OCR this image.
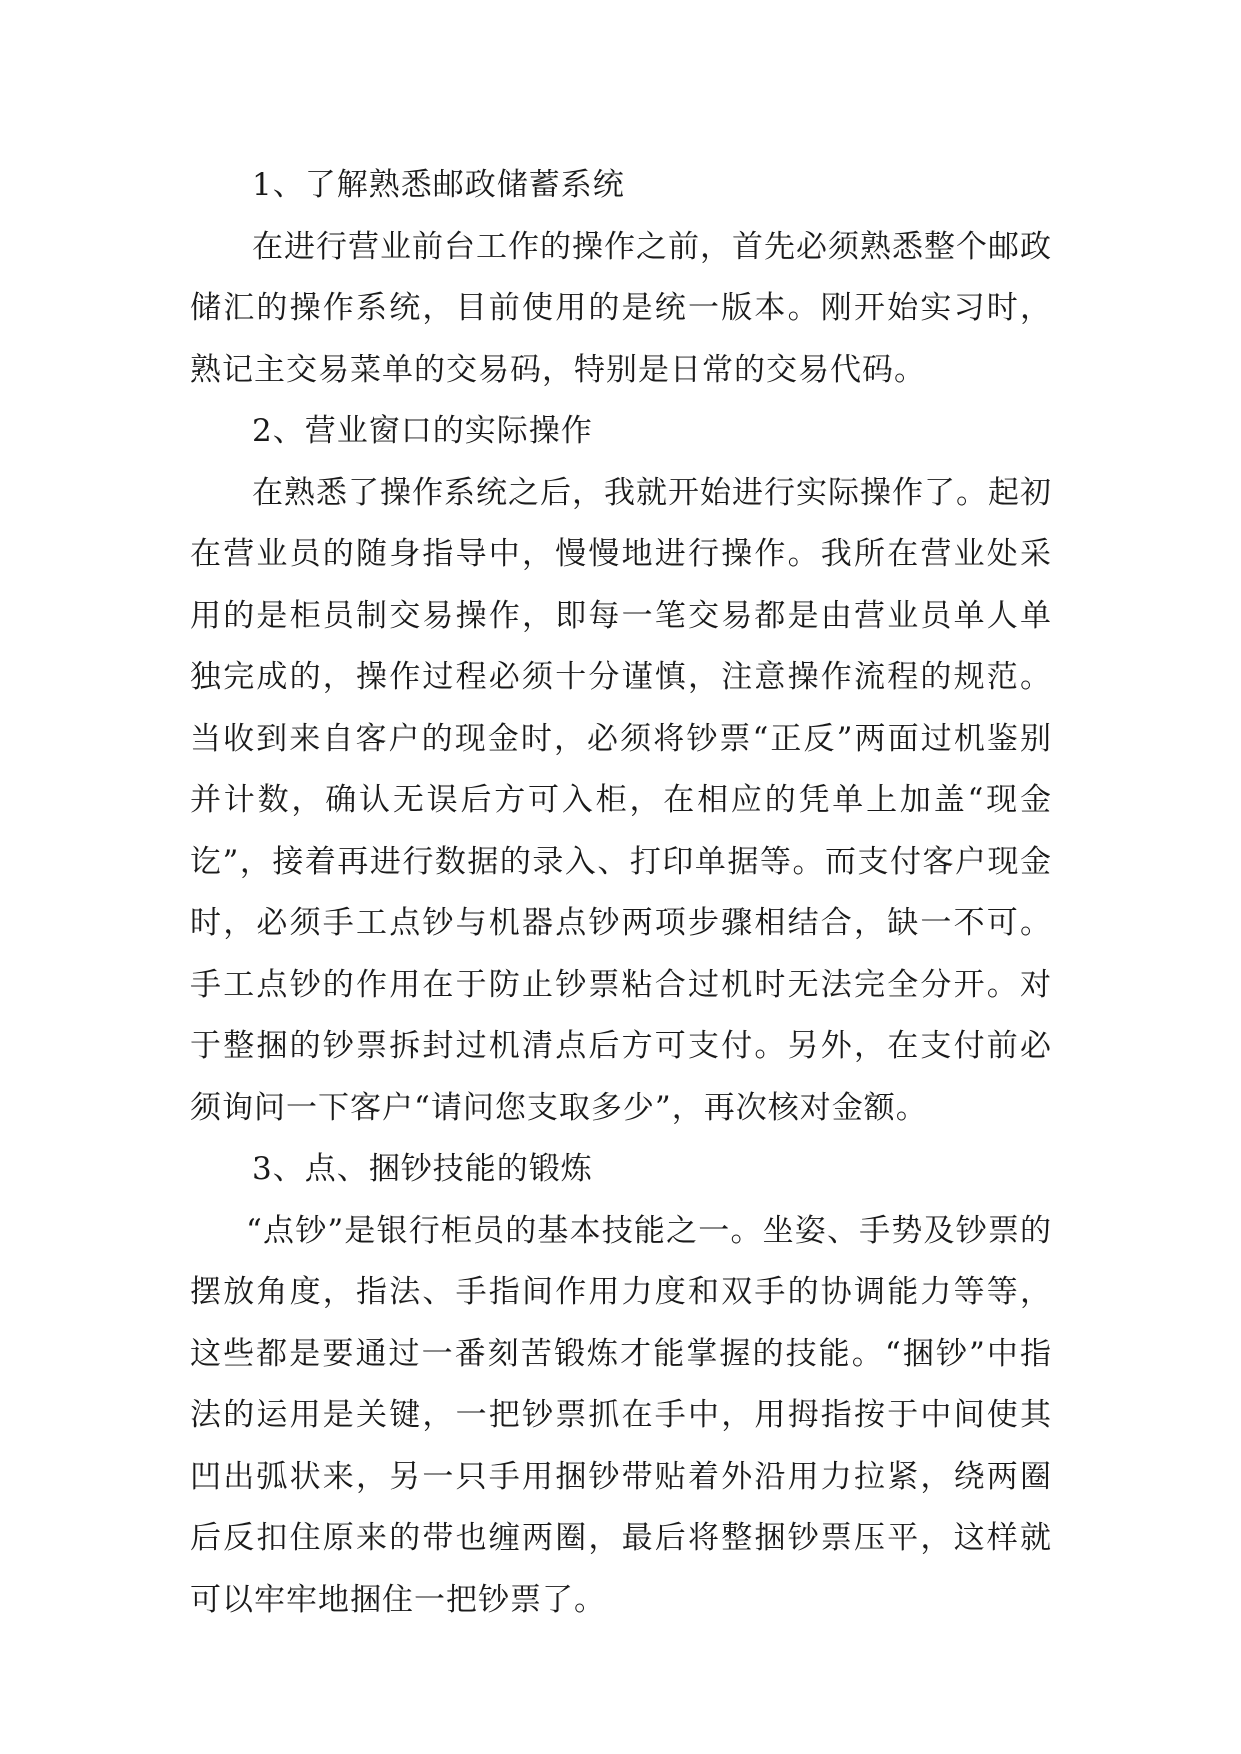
1、了解熟悉邮政储蓄系统

在进行营业前台工作的操作之前，首先必须熟悉整个邮政储汇的操作系统，目前使用的是统一版本。刚开始实习时，熟记主交易菜单的交易码，特别是日常的交易代码。

2、营业窗口的实际操作

在熟悉了操作系统之后，我就开始进行实际操作了。起初在营业员的随身指导中，慢慢地进行操作。我所在营业处采用的是柜员制交易操作，即每一笔交易都是由营业员单人单独完成的，操作过程必须十分谨慎，注意操作流程的规范。当收到来自客户的现金时，必须将钞票“正反”两面过机鉴别并计数，确认无误后方可入柜，在相应的凭单上加盖“现金讫”，接着再进行数据的录入、打印单据等。而支付客户现金时，必须手工点钞与机器点钞两项步骤相结合，缺一不可。手工点钞的作用在于防止钞票粘合过机时无法完全分开。对于整捆的钞票拆封过机清点后方可支付。另外，在支付前必须询问一下客户“请问您支取多少”，再次核对金额。

3、点、捆钞技能的锻炼

“点钞”是银行柜员的基本技能之一。坐姿、手势及钞票的摆放角度，指法、手指间作用力度和双手的协调能力等等，这些都是要通过一番刻苦锻炼才能掌握的技能。“捆钞”中指法的运用是关键，一把钞票抓在手中，用拇指按于中间使其凹出弧状来，另一只手用捆钞带贴着外沿用力拉紧，绕两圈后反扣住原来的带也缠两圈，最后将整捆钞票压平，这样就可以牢牢地捆住一把钞票了。
